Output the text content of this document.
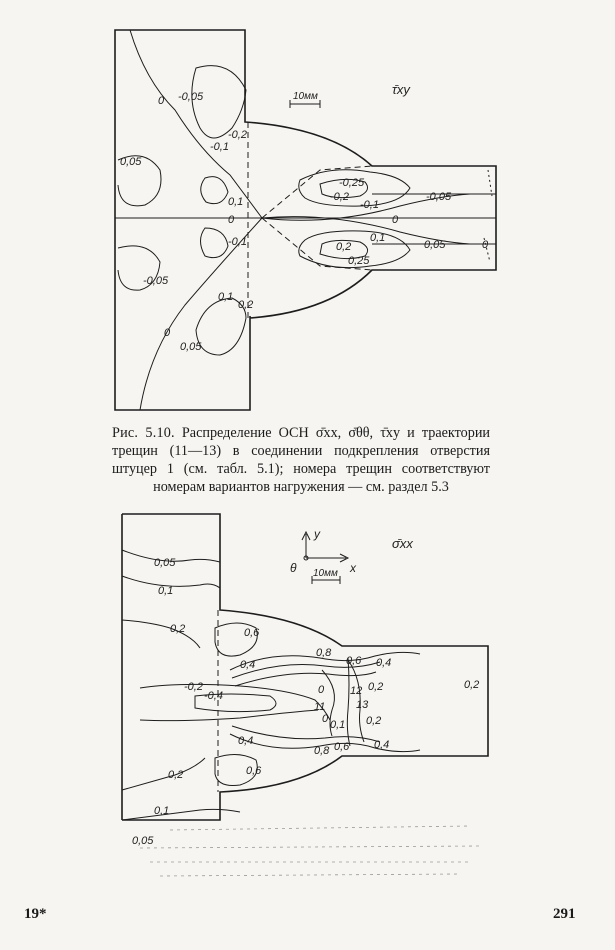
10мм	τ̄xy
0 -0,05
-0,2
-0,1
0,05
0,1
0
-0,1
-0,05
0,1
0,2
0
0,05
-0,25
-0,2
-0,1
-0,05
0
0,2
0,25
0,1
0,05	0
Рис. 5.10. Распределение ОСН σ̄xx, σ̄θθ, τ̄xy и траектории трещин (11—13) в соединении подкрепления отверстия штуцер 1 (см. табл. 5.1); номера трещин соответствуют номерам вариантов нагружения — см. раздел 5.3
y
x
θ 10мм
σ̄xx
0,05
0,1
0,2	0,6
0,4
0,8
0,6 0,4
-0,2
-0,4	0 12 0,2
11	13
0 0,1 0,2
0,2
0,4
0,8 0,6 0,4
0,2	0,6
0,1
0,05
19*	291
